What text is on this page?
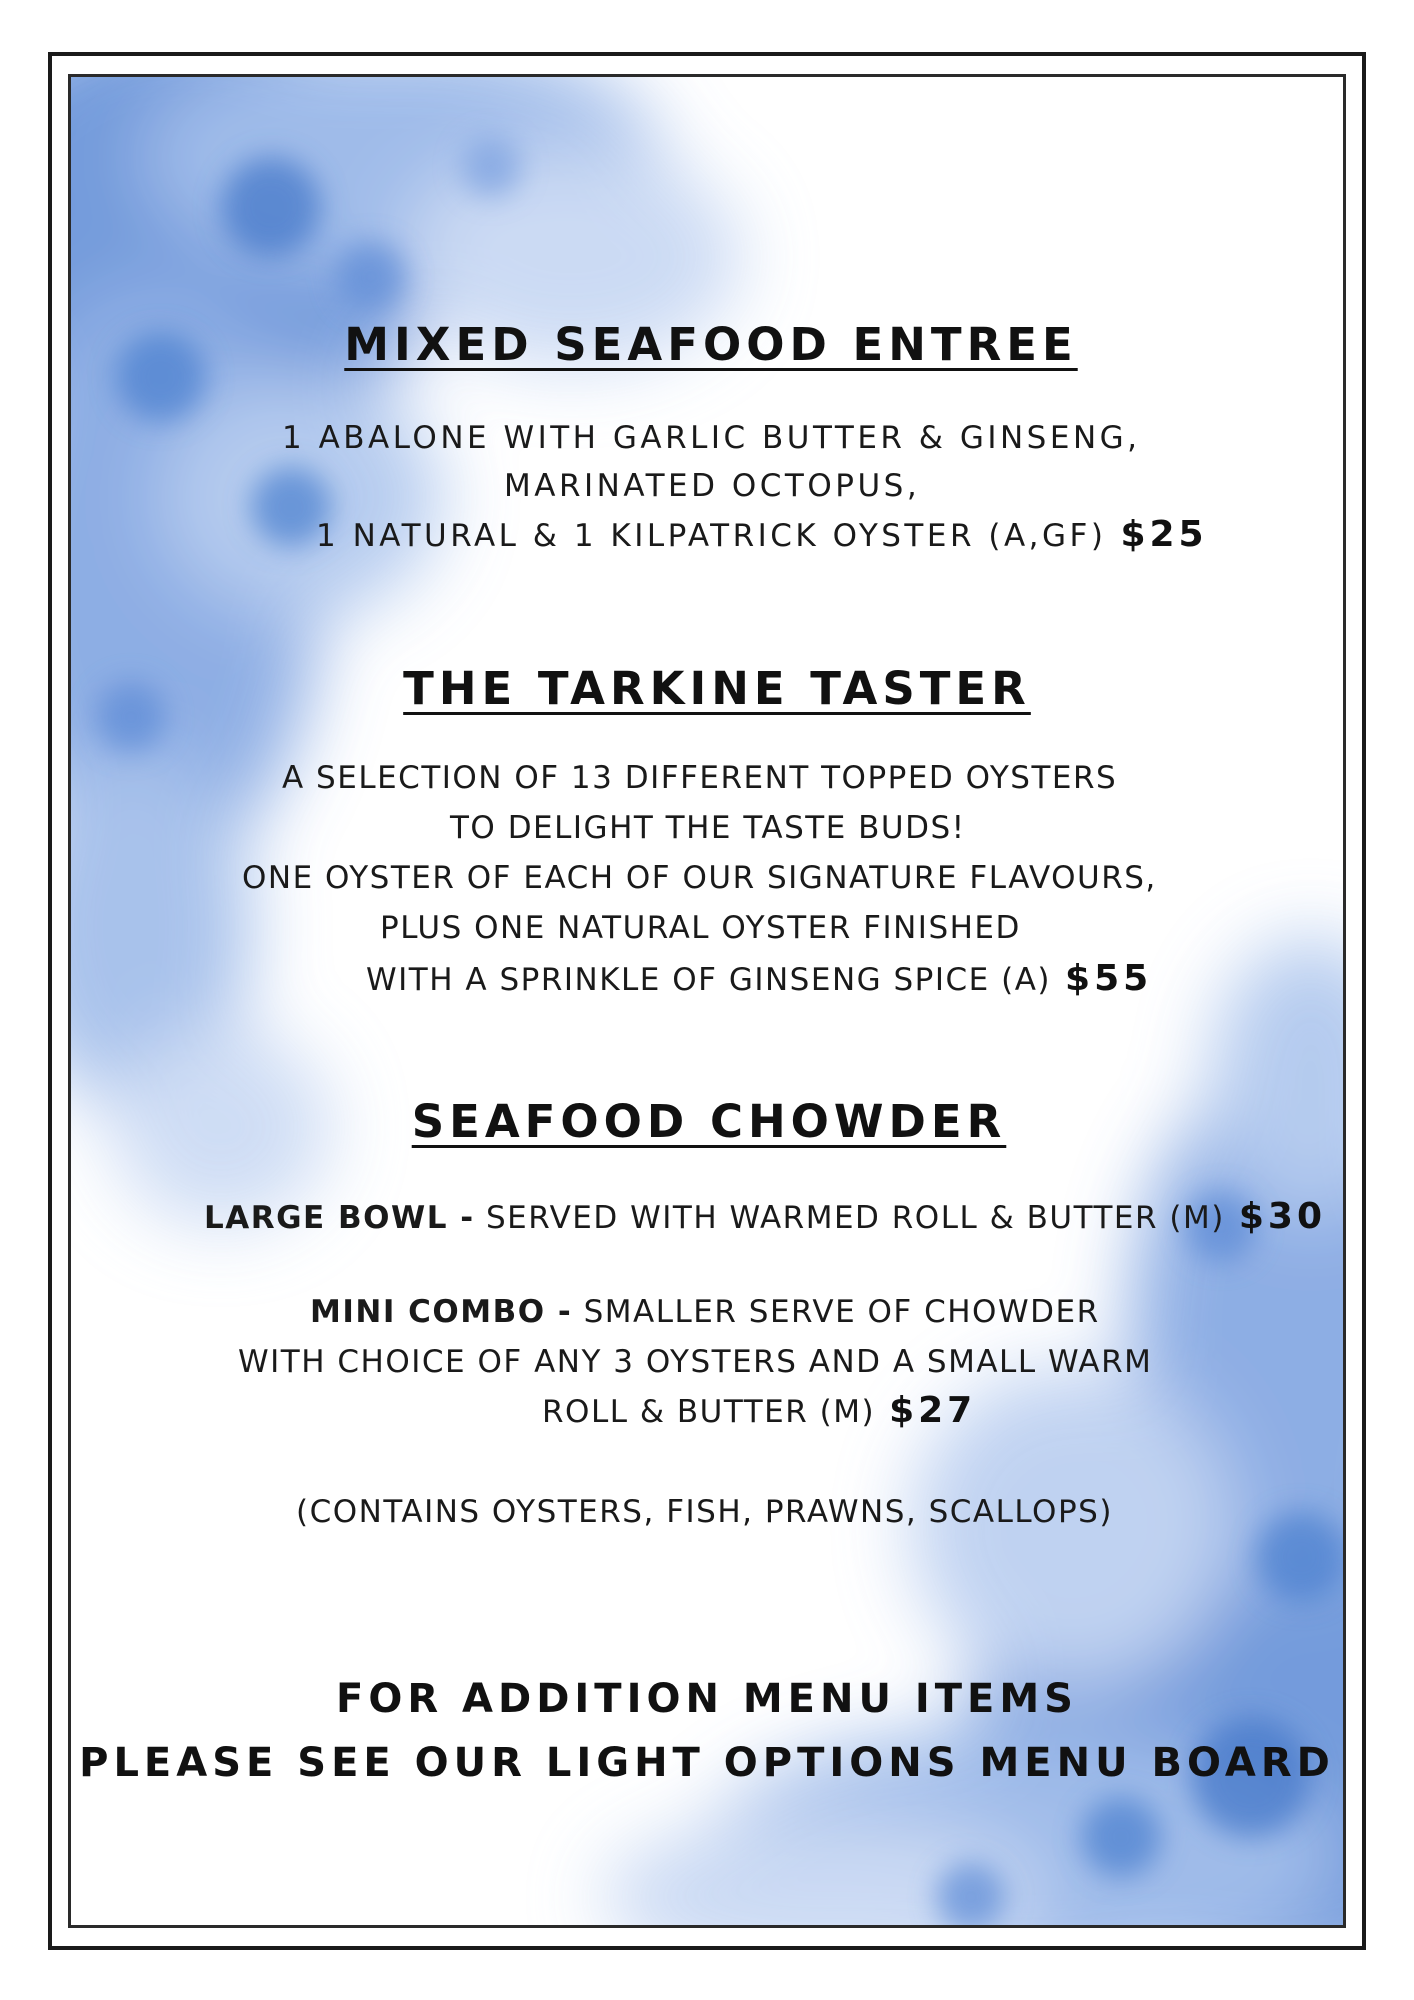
MIXED SEAFOOD ENTREE

1 ABALONE WITH GARLIC BUTTER & GINSENG,

MARINATED OCTOPUS,

1 NATURAL & 1 KILPATRICK OYSTER (A,GF) $25

THE TARKINE TASTER

A SELECTION OF 13 DIFFERENT TOPPED OYSTERS

TO DELIGHT THE TASTE BUDS!

ONE OYSTER OF EACH OF OUR SIGNATURE FLAVOURS,

PLUS ONE NATURAL OYSTER FINISHED

WITH A SPRINKLE OF GINSENG SPICE (A) $55

SEAFOOD CHOWDER

LARGE BOWL - SERVED WITH WARMED ROLL & BUTTER (M) $30

MINI COMBO - SMALLER SERVE OF CHOWDER

WITH CHOICE OF ANY 3 OYSTERS AND A SMALL WARM

ROLL & BUTTER (M) $27

(CONTAINS OYSTERS, FISH, PRAWNS, SCALLOPS)

FOR ADDITION MENU ITEMS

PLEASE SEE OUR LIGHT OPTIONS MENU BOARD
